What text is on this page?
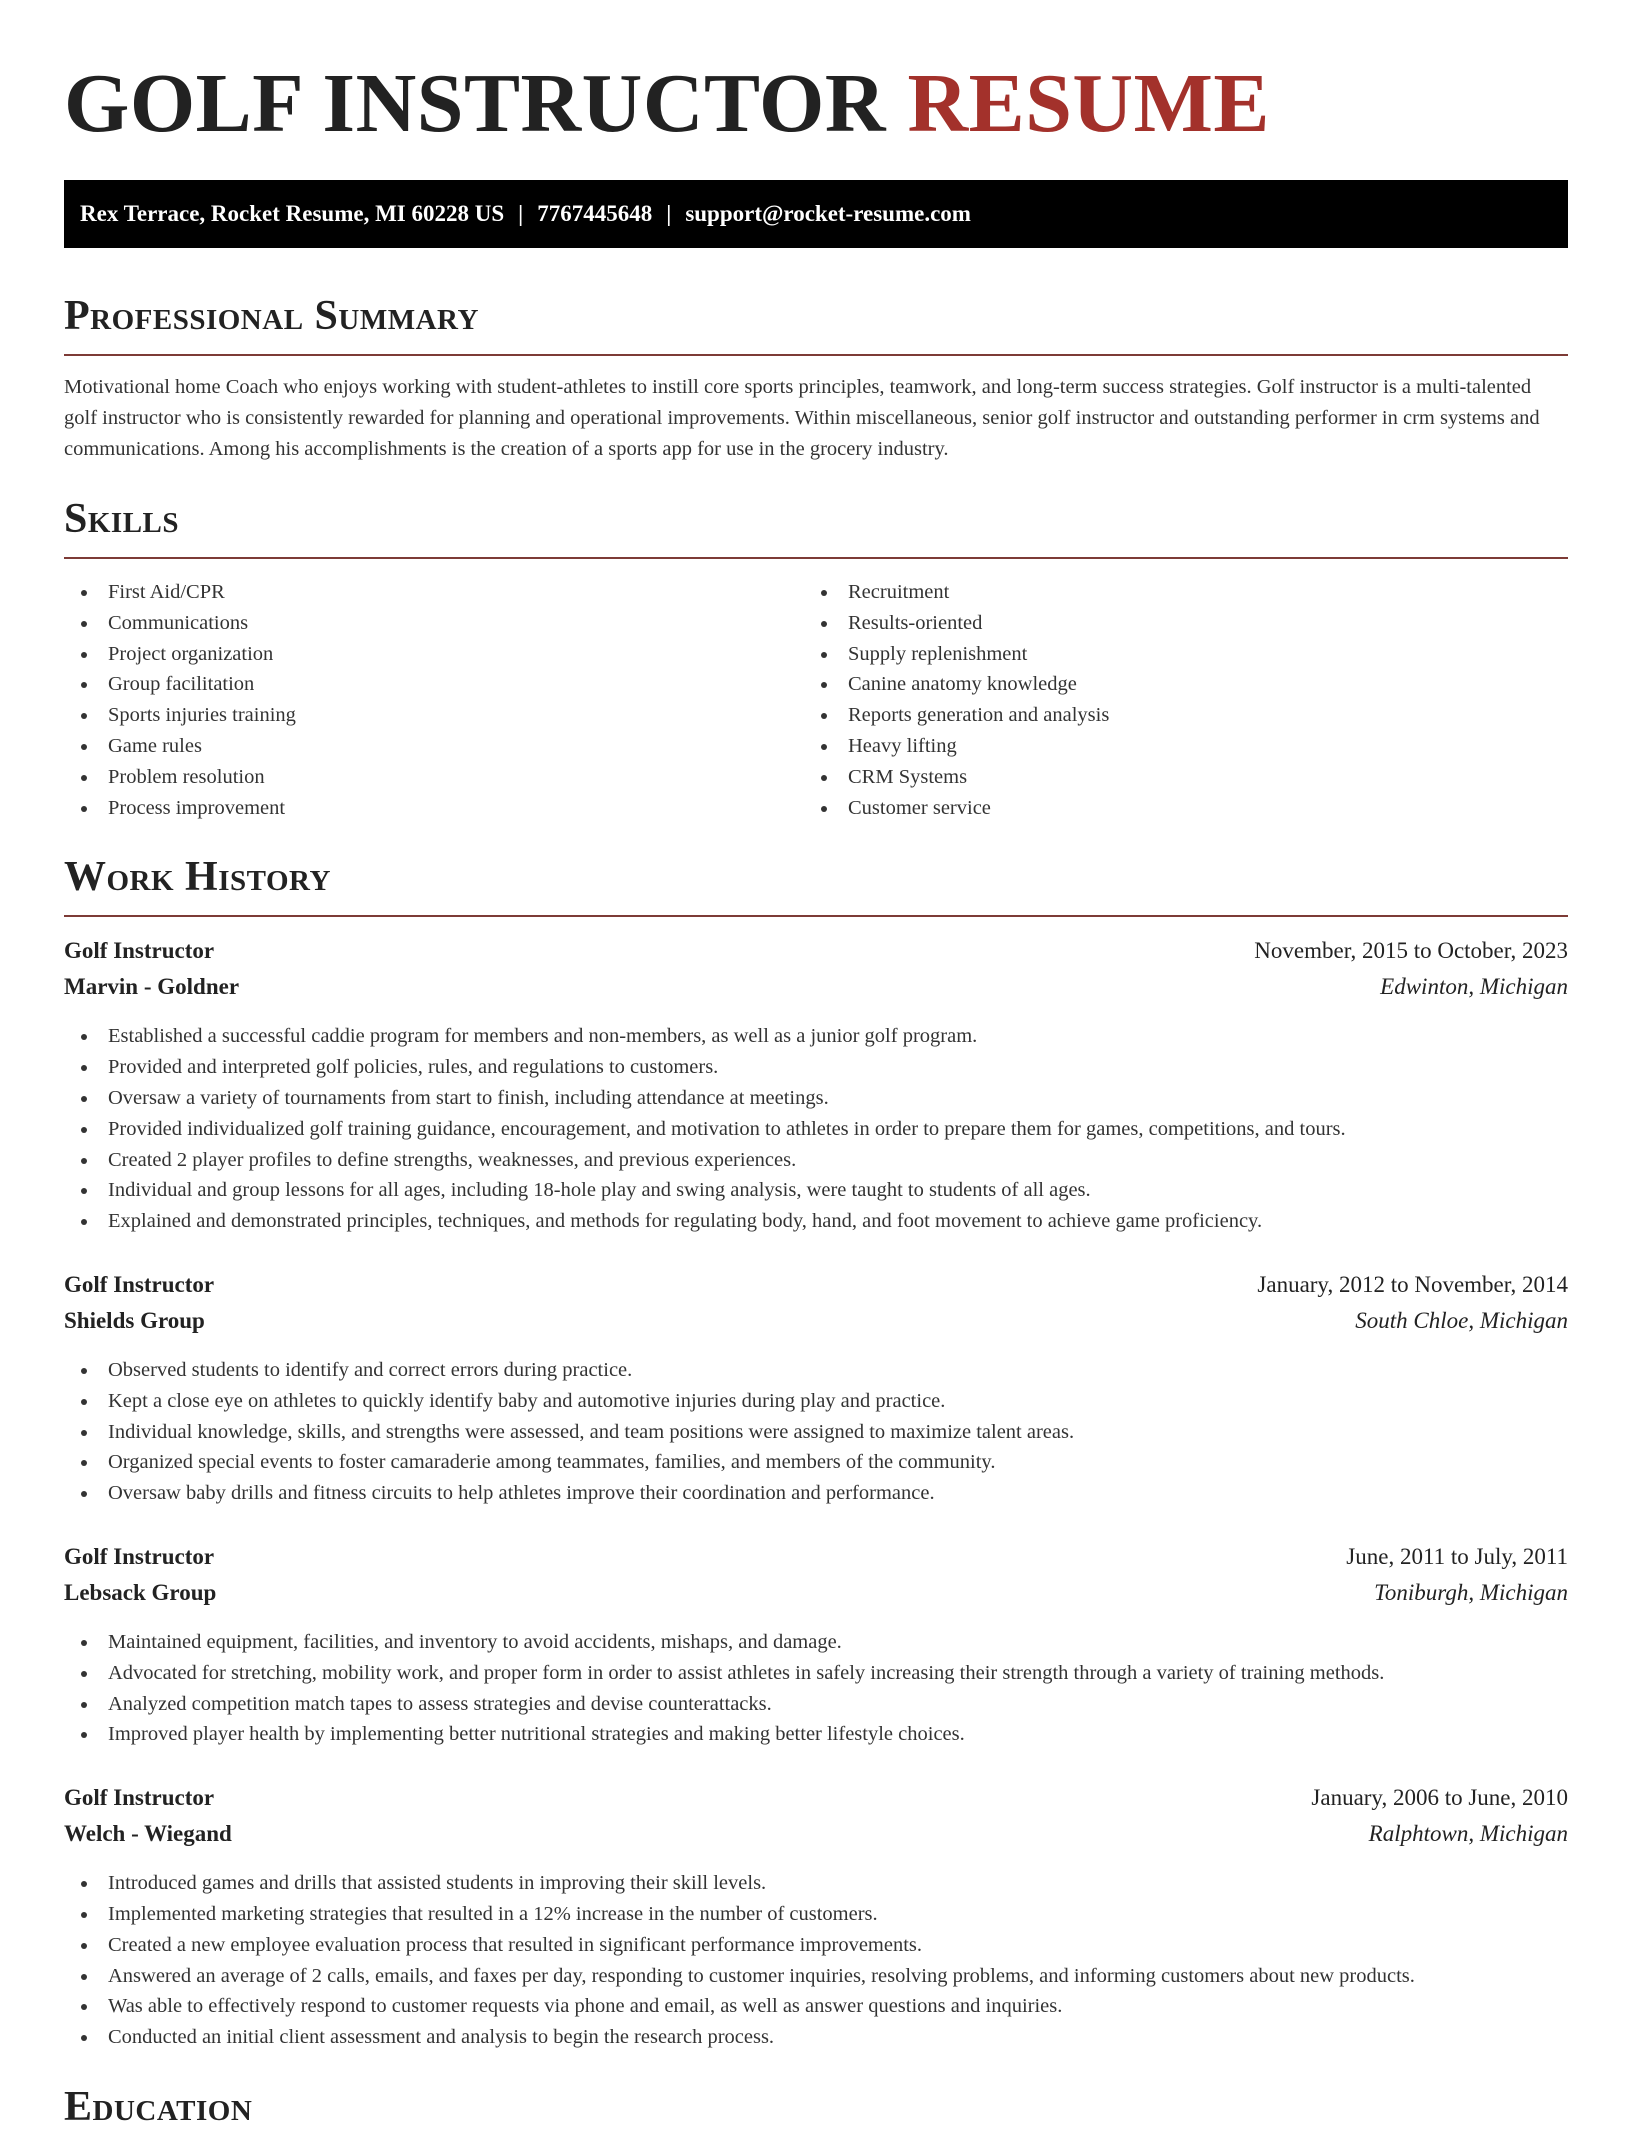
GOLF INSTRUCTOR RESUME
Rex Terrace, Rocket Resume, MI 60228 US | 7767445648 | support@rocket-resume.com
Professional Summary

Motivational home Coach who enjoys working with student-athletes to instill core sports principles, teamwork, and long-term success strategies. Golf instructor is a multi-talented golf instructor who is consistently rewarded for planning and operational improvements. Within miscellaneous, senior golf instructor and outstanding performer in crm systems and communications. Among his accomplishments is the creation of a sports app for use in the grocery industry.

Skills
First Aid/CPR
Communications
Project organization
Group facilitation
Sports injuries training
Game rules
Problem resolution
Process improvement
Recruitment
Results-oriented
Supply replenishment
Canine anatomy knowledge
Reports generation and analysis
Heavy lifting
CRM Systems
Customer service
Work History
Golf Instructor	November, 2015 to October, 2023
Marvin - Goldner	Edwinton, Michigan
Established a successful caddie program for members and non-members, as well as a junior golf program.
Provided and interpreted golf policies, rules, and regulations to customers.
Oversaw a variety of tournaments from start to finish, including attendance at meetings.
Provided individualized golf training guidance, encouragement, and motivation to athletes in order to prepare them for games, competitions, and tours.
Created 2 player profiles to define strengths, weaknesses, and previous experiences.
Individual and group lessons for all ages, including 18-hole play and swing analysis, were taught to students of all ages.
Explained and demonstrated principles, techniques, and methods for regulating body, hand, and foot movement to achieve game proficiency.
Golf Instructor	January, 2012 to November, 2014
Shields Group	South Chloe, Michigan
Observed students to identify and correct errors during practice.
Kept a close eye on athletes to quickly identify baby and automotive injuries during play and practice.
Individual knowledge, skills, and strengths were assessed, and team positions were assigned to maximize talent areas.
Organized special events to foster camaraderie among teammates, families, and members of the community.
Oversaw baby drills and fitness circuits to help athletes improve their coordination and performance.
Golf Instructor	June, 2011 to July, 2011
Lebsack Group	Toniburgh, Michigan
Maintained equipment, facilities, and inventory to avoid accidents, mishaps, and damage.
Advocated for stretching, mobility work, and proper form in order to assist athletes in safely increasing their strength through a variety of training methods.
Analyzed competition match tapes to assess strategies and devise counterattacks.
Improved player health by implementing better nutritional strategies and making better lifestyle choices.
Golf Instructor	January, 2006 to June, 2010
Welch - Wiegand	Ralphtown, Michigan
Introduced games and drills that assisted students in improving their skill levels.
Implemented marketing strategies that resulted in a 12% increase in the number of customers.
Created a new employee evaluation process that resulted in significant performance improvements.
Answered an average of 2 calls, emails, and faxes per day, responding to customer inquiries, resolving problems, and informing customers about new products.
Was able to effectively respond to customer requests via phone and email, as well as answer questions and inquiries.
Conducted an initial client assessment and analysis to begin the research process.
Education
